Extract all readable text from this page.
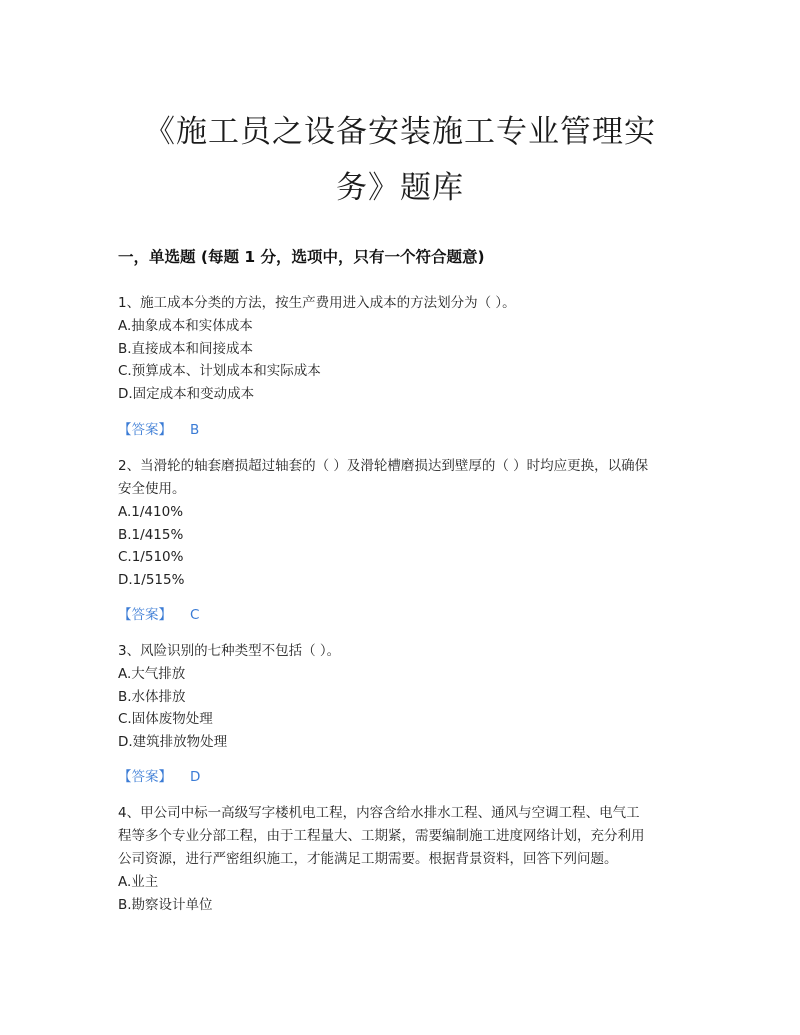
《施工员之设备安装施工专业管理实
务》题库
一，单选题 (每题 1 分，选项中，只有一个符合题意)

1、施工成本分类的方法，按生产费用进入成本的方法划分为（ ）。

A.抽象成本和实体成本

B.直接成本和间接成本

C.预算成本、计划成本和实际成本

D.固定成本和变动成本

【答案】 B

2、当滑轮的轴套磨损超过轴套的（ ）及滑轮槽磨损达到壁厚的（ ）时均应更换，以确保

安全使用。

A.1/410%

B.1/415%

C.1/510%

D.1/515%

【答案】 C

3、风险识别的七种类型不包括（ ）。

A.大气排放

B.水体排放

C.固体废物处理

D.建筑排放物处理

【答案】 D

4、甲公司中标一高级写字楼机电工程，内容含给水排水工程、通风与空调工程、电气工

程等多个专业分部工程，由于工程量大、工期紧，需要编制施工进度网络计划，充分利用

公司资源，进行严密组织施工，才能满足工期需要。根据背景资料，回答下列问题。

A.业主

B.勘察设计单位
